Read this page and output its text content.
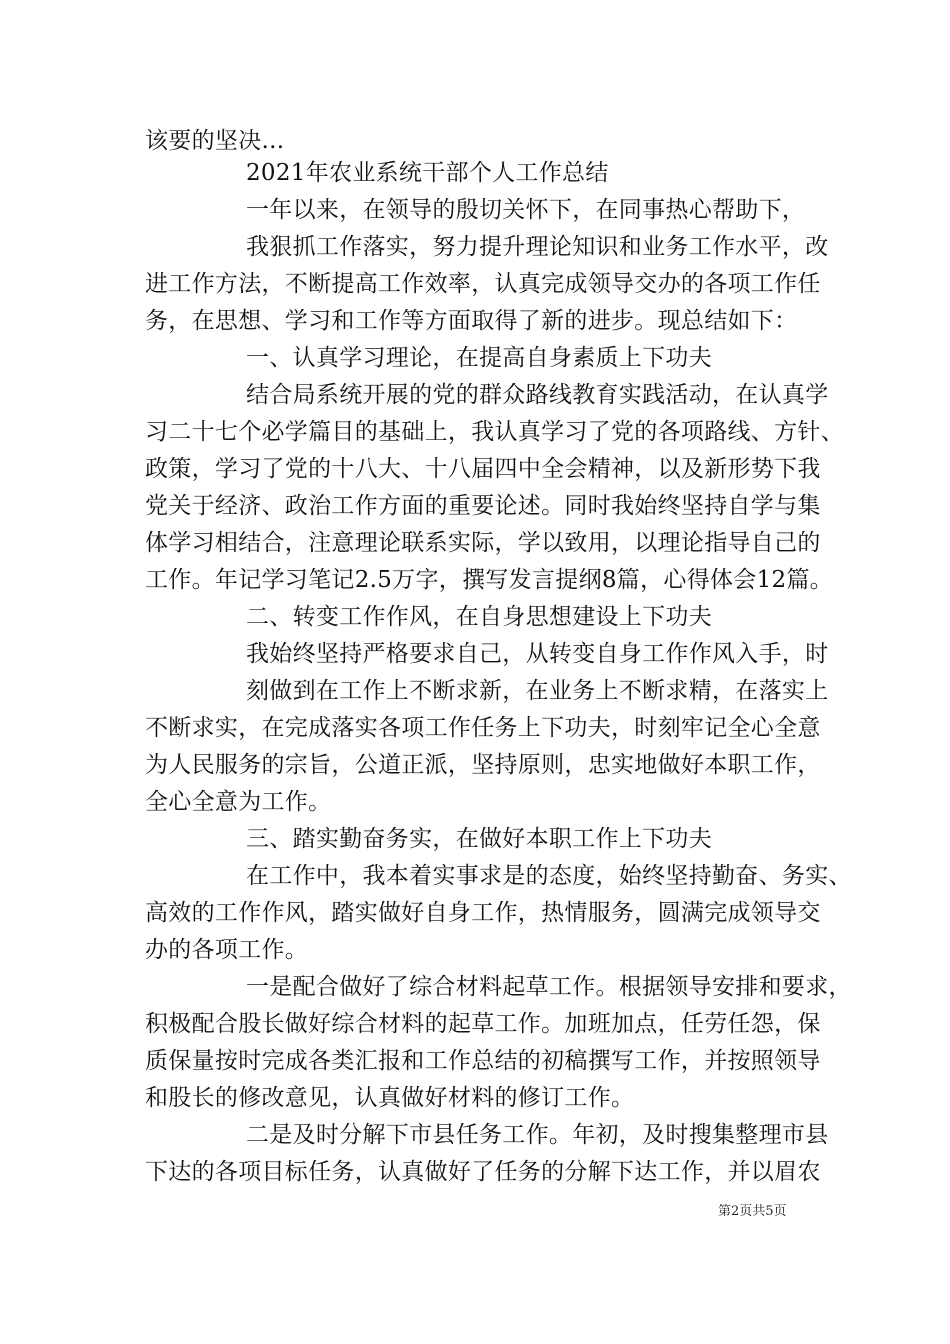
该要的坚决...
2021年农业系统干部个人工作总结
一年以来，在领导的殷切关怀下，在同事热心帮助下，
我狠抓工作落实，努力提升理论知识和业务工作水平，改
进工作方法，不断提高工作效率，认真完成领导交办的各项工作任
务，在思想、学习和工作等方面取得了新的进步。现总结如下：
一、认真学习理论，在提高自身素质上下功夫
结合局系统开展的党的群众路线教育实践活动，在认真学
习二十七个必学篇目的基础上，我认真学习了党的各项路线、方针、
政策，学习了党的十八大、十八届四中全会精神，以及新形势下我
党关于经济、政治工作方面的重要论述。同时我始终坚持自学与集
体学习相结合，注意理论联系实际，学以致用，以理论指导自己的
工作。年记学习笔记2.5万字，撰写发言提纲8篇，心得体会12篇。
二、转变工作作风，在自身思想建设上下功夫
我始终坚持严格要求自己，从转变自身工作作风入手，时
刻做到在工作上不断求新，在业务上不断求精，在落实上
不断求实，在完成落实各项工作任务上下功夫，时刻牢记全心全意
为人民服务的宗旨，公道正派，坚持原则，忠实地做好本职工作，
全心全意为工作。
三、踏实勤奋务实，在做好本职工作上下功夫
在工作中，我本着实事求是的态度，始终坚持勤奋、务实、
高效的工作作风，踏实做好自身工作，热情服务，圆满完成领导交
办的各项工作。
一是配合做好了综合材料起草工作。根据领导安排和要求，
积极配合股长做好综合材料的起草工作。加班加点，任劳任怨，保
质保量按时完成各类汇报和工作总结的初稿撰写工作，并按照领导
和股长的修改意见，认真做好材料的修订工作。
二是及时分解下市县任务工作。年初，及时搜集整理市县
下达的各项目标任务，认真做好了任务的分解下达工作，并以眉农
第2页共5页
